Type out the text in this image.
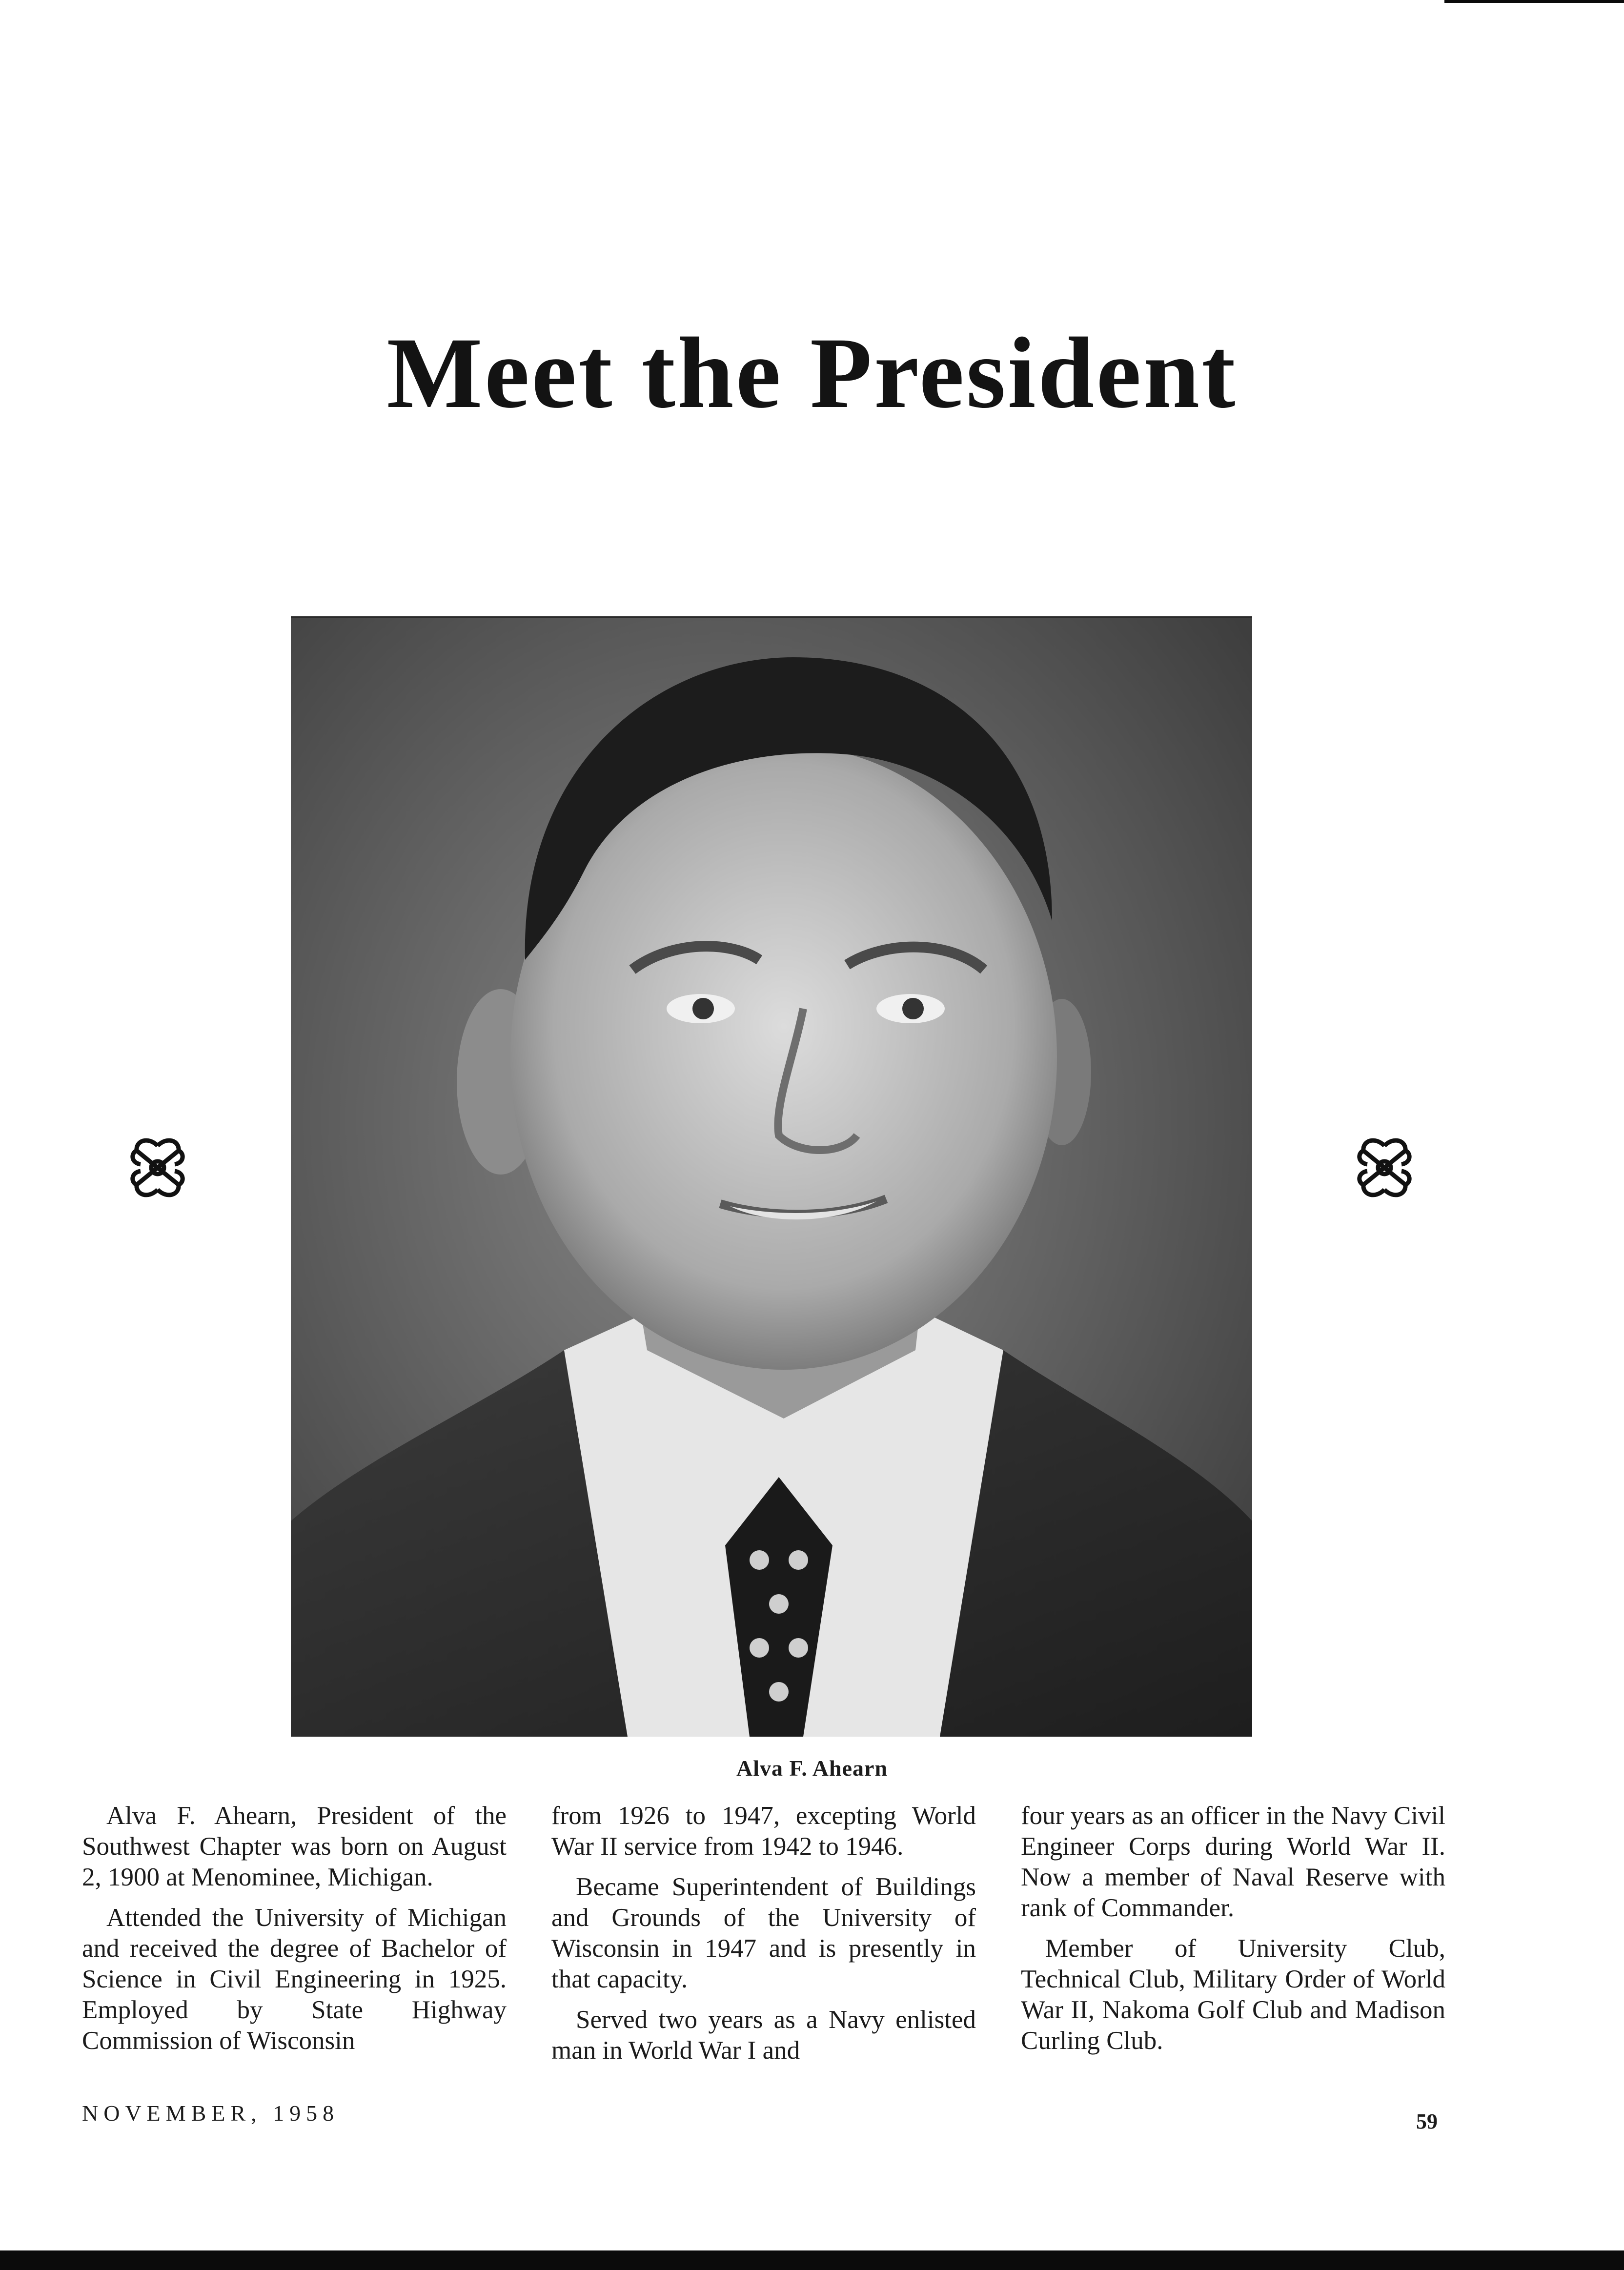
Meet the President
Alva F. Ahearn

Alva F. Ahearn, President of the Southwest Chapter was born on August 2, 1900 at Menominee, Michigan.

Attended the University of Michigan and received the degree of Bachelor of Science in Civil Engineering in 1925. Employed by State Highway Commission of Wisconsin

from 1926 to 1947, excepting World War II service from 1942 to 1946.

Became Superintendent of Buildings and Grounds of the University of Wisconsin in 1947 and is presently in that capacity.

Served two years as a Navy enlisted man in World War I and

four years as an officer in the Navy Civil Engineer Corps during World War II. Now a member of Naval Reserve with rank of Commander.

Member of University Club, Technical Club, Military Order of World War II, Nakoma Golf Club and Madison Curling Club.

NOVEMBER, 1958	59
